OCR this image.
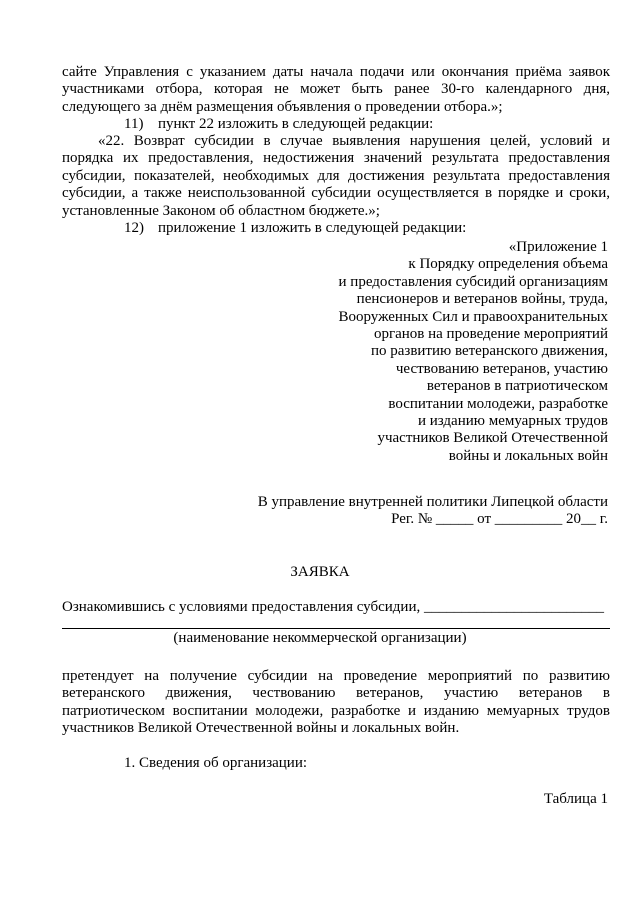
сайте Управления с указанием даты начала подачи или окончания приёма заявок
участниками отбора, которая не может быть ранее 30-го календарного дня,
следующего за днём размещения объявления о проведении отбора.»;
11) пункт 22 изложить в следующей редакции:
«22. Возврат субсидии в случае выявления нарушения целей, условий и
порядка их предоставления, недостижения значений результата предоставления
субсидии, показателей, необходимых для достижения результата предоставления
субсидии, а также неиспользованной субсидии осуществляется в порядке и сроки,
установленные Законом об областном бюджете.»;
12) приложение 1 изложить в следующей редакции:
«Приложение 1
к Порядку определения объема
и предоставления субсидий организациям
пенсионеров и ветеранов войны, труда,
Вооруженных Сил и правоохранительных
органов на проведение мероприятий
по развитию ветеранского движения,
чествованию ветеранов, участию
ветеранов в патриотическом
воспитании молодежи, разработке
и изданию мемуарных трудов
участников Великой Отечественной
войны и локальных войн
В управление внутренней политики Липецкой области
Рег. № _____ от _________ 20__ г.
ЗАЯВКА
Ознакомившись с условиями предоставления субсидии, ________________________
(наименование некоммерческой организации)
претендует на получение субсидии на проведение мероприятий по развитию
ветеранского движения, чествованию ветеранов, участию ветеранов в
патриотическом воспитании молодежи, разработке и изданию мемуарных трудов
участников Великой Отечественной войны и локальных войн.
1. Сведения об организации:
Таблица 1
